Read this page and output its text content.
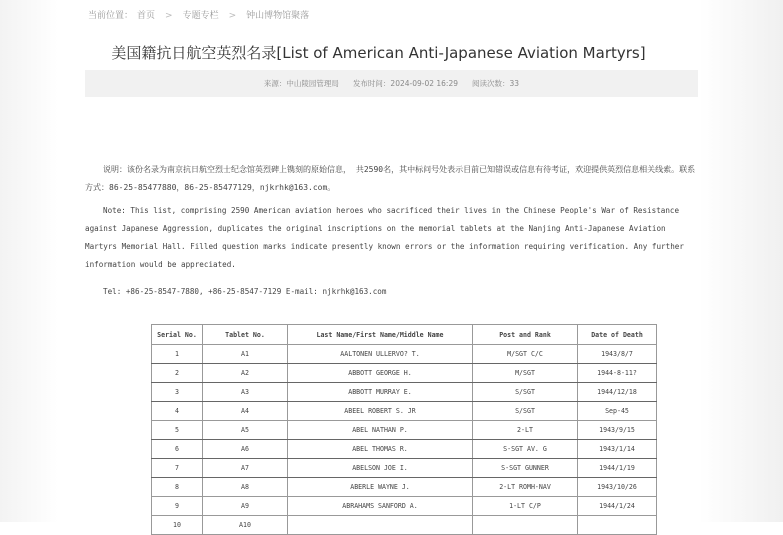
当前位置： 首页 > 专题专栏 > 钟山博物馆聚落
美国籍抗日航空英烈名录[List of American Anti-Japanese Aviation Martyrs]
来源：中山陵园管理局 发布时间：2024-09-02 16:29 阅读次数：33
说明：该份名录为南京抗日航空烈士纪念馆英烈碑上镌刻的原始信息， 共2590名，其中标问号处表示目前已知错误或信息有待考证，欢迎提供英烈信息相关线索。联系方式：86-25-85477880，86-25-85477129，njkrhk@163.com。
Note: This list, comprising 2590 American aviation heroes who sacrificed their lives in the Chinese People's War of Resistance against Japanese Aggression, duplicates the original inscriptions on the memorial tablets at the Nanjing Anti-Japanese Aviation Martyrs Memorial Hall. Filled question marks indicate presently known errors or the information requiring verification. Any further information would be appreciated.
Tel: +86-25-8547-7880, +86-25-8547-7129 E-mail: njkrhk@163.com
Serial No.	Tablet No.	Last Name/First Name/Middle Name	Post and Rank	Date of Death
1	A1	AALTONEN ULLERVO? T.	M/SGT C/C	1943/8/7
2	A2	ABBOTT GEORGE H.	M/SGT	1944-8-11?
3	A3	ABBOTT MURRAY E.	S/SGT	1944/12/18
4	A4	ABEEL ROBERT S. JR	S/SGT	Sep-45
5	A5	ABEL NATHAN P.	2-LT	1943/9/15
6	A6	ABEL THOMAS R.	S-SGT AV. G	1943/1/14
7	A7	ABELSON JOE I.	S-SGT GUNNER	1944/1/19
8	A8	ABERLE WAYNE J.	2-LT ROMH-NAV	1943/10/26
9	A9	ABRAHAMS SANFORD A.	1-LT C/P	1944/1/24
10	A10			
